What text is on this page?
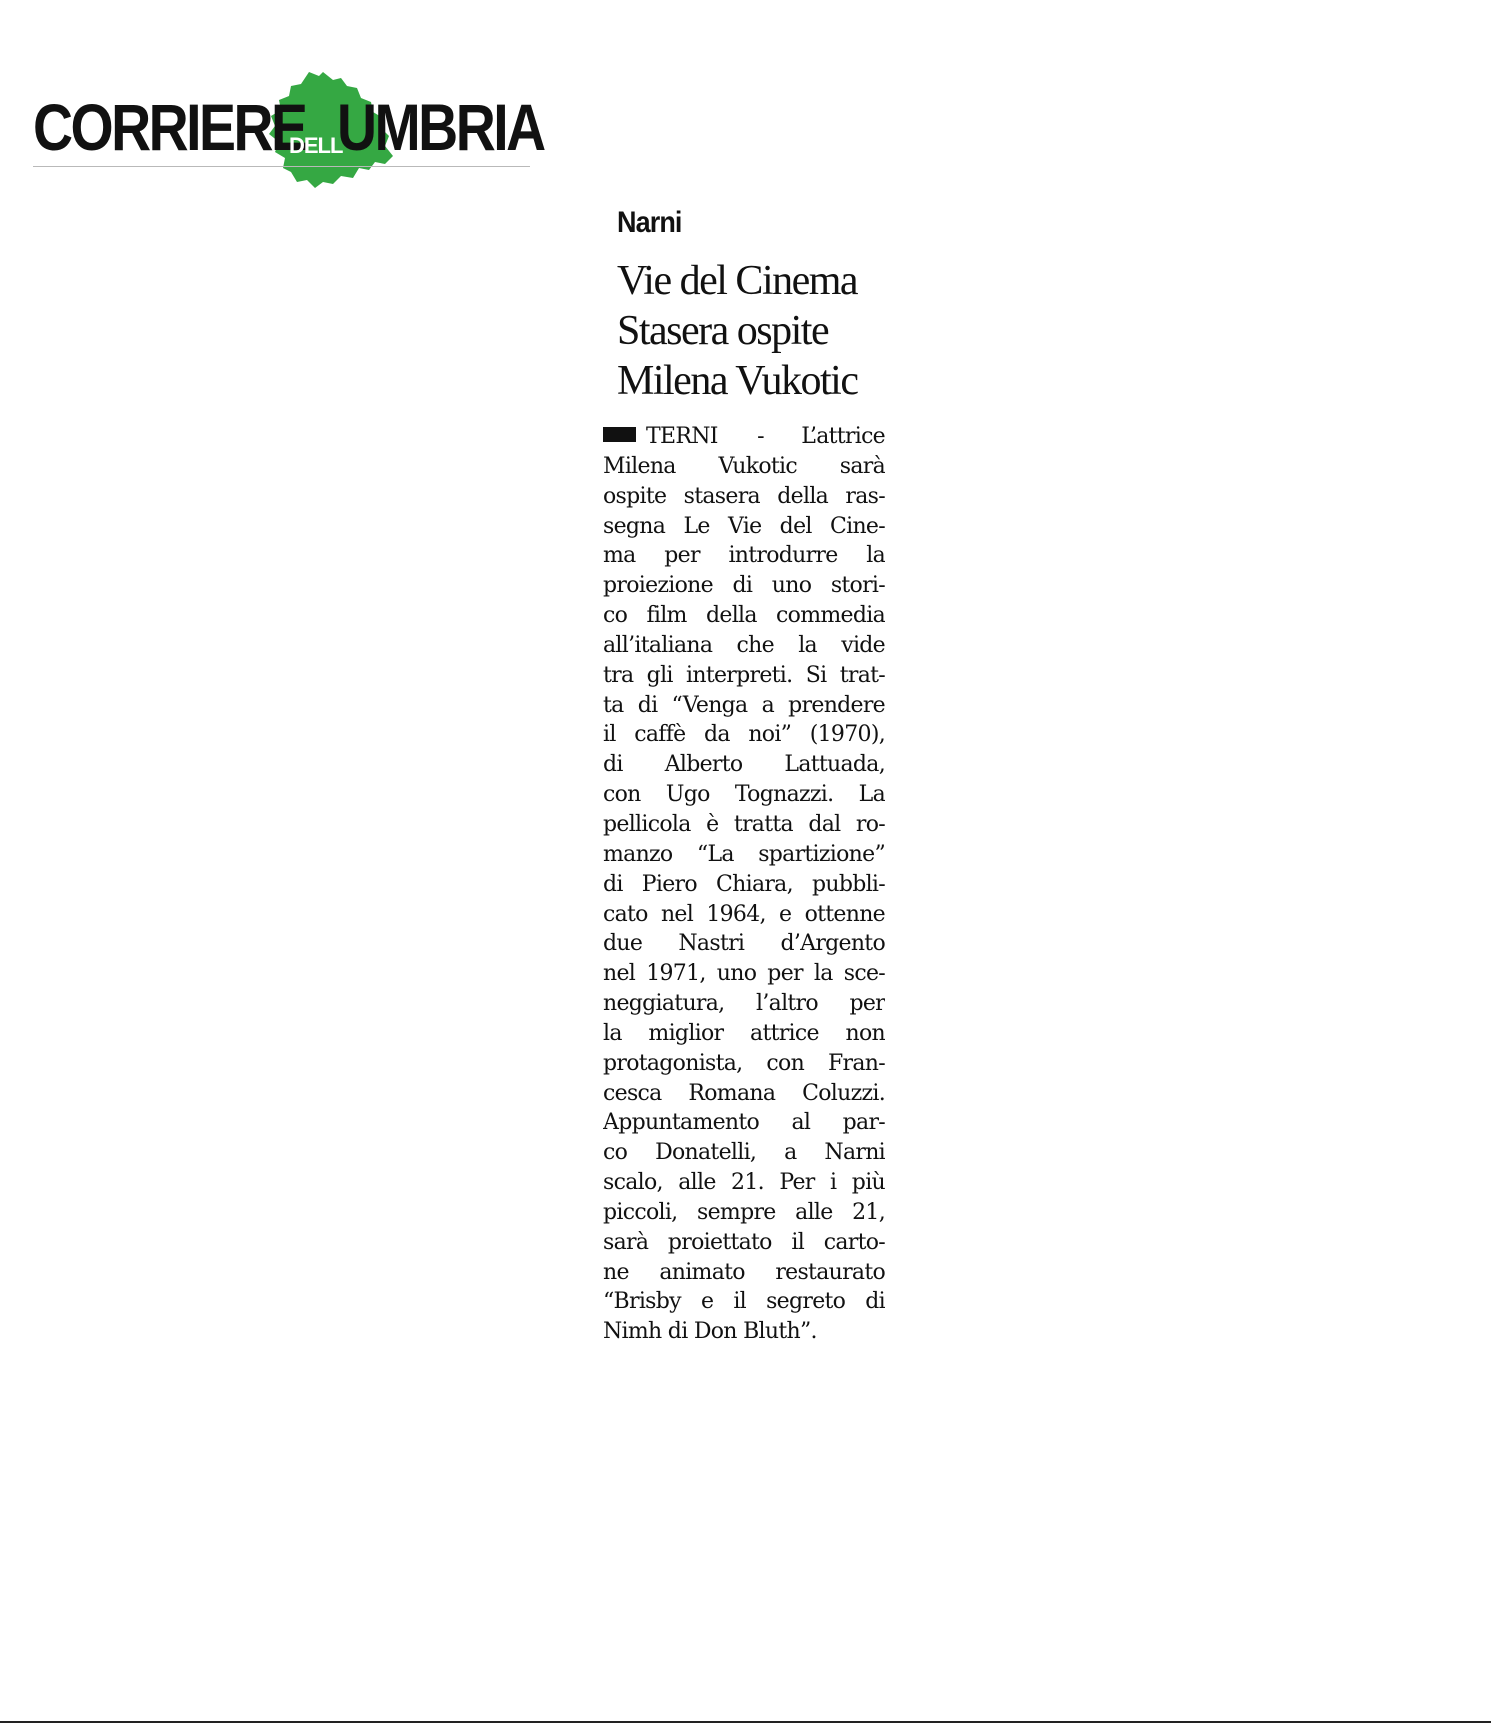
CORRIERE
DELL'
UMBRIA
Narni
Vie del Cinema
Stasera ospite
Milena Vukotic
TERNI - L’attrice
Milena Vukotic sarà
ospite stasera della ras-
segna Le Vie del Cine-
ma per introdurre la
proiezione di uno stori-
co film della commedia
all’italiana che la vide
tra gli interpreti. Si trat-
ta di “Venga a prendere
il caffè da noi” (1970),
di Alberto Lattuada,
con Ugo Tognazzi. La
pellicola è tratta dal ro-
manzo “La spartizione”
di Piero Chiara, pubbli-
cato nel 1964, e ottenne
due Nastri d’Argento
nel 1971, uno per la sce-
neggiatura, l’altro per
la miglior attrice non
protagonista, con Fran-
cesca Romana Coluzzi.
Appuntamento al par-
co Donatelli, a Narni
scalo, alle 21. Per i più
piccoli, sempre alle 21,
sarà proiettato il carto-
ne animato restaurato
“Brisby e il segreto di
Nimh di Don Bluth”.
